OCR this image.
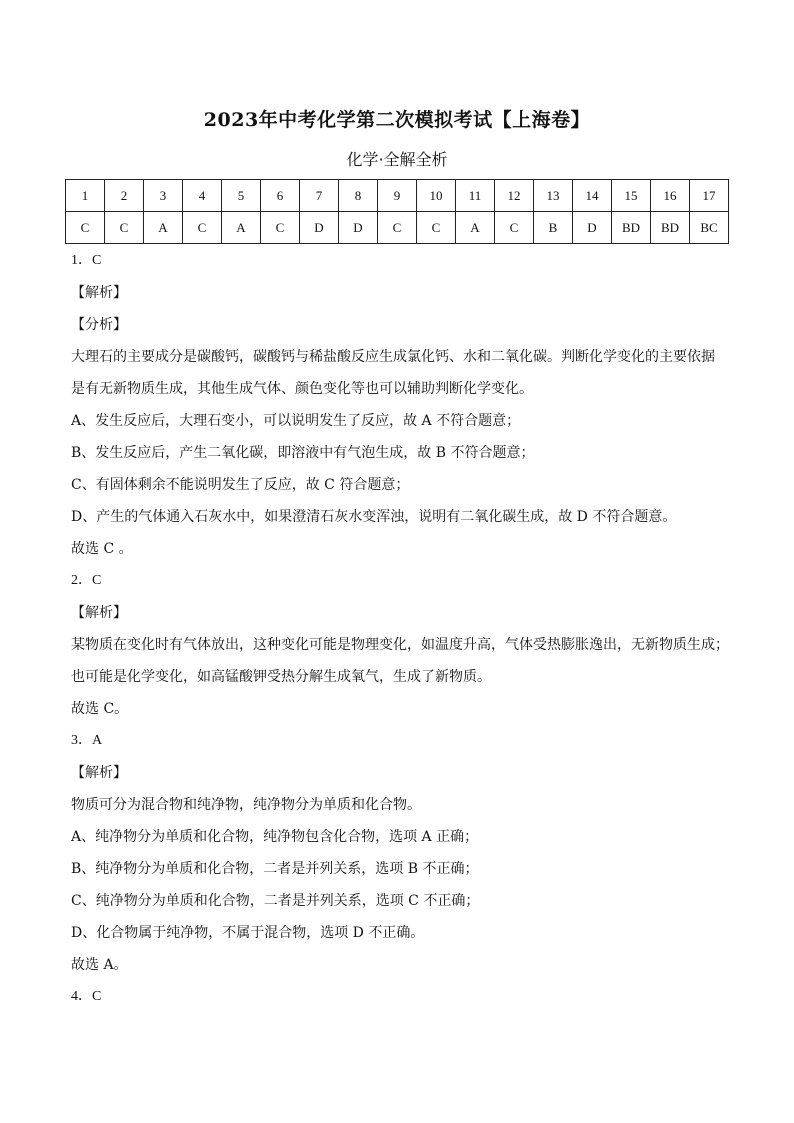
2023年中考化学第二次模拟考试【上海卷】
化学·全解全析
1	2	3	4	5	6	7	8	9	10	11	12	13	14	15	16	17
C	C	A	C	A	C	D	D	C	C	A	C	B	D	BD	BD	BC
1．C
【解析】
【分析】
大理石的主要成分是碳酸钙，碳酸钙与稀盐酸反应生成氯化钙、水和二氧化碳。判断化学变化的主要依据
是有无新物质生成，其他生成气体、颜色变化等也可以辅助判断化学变化。
A、发生反应后，大理石变小，可以说明发生了反应，故 A 不符合题意；
B、发生反应后，产生二氧化碳，即溶液中有气泡生成，故 B 不符合题意；
C、有固体剩余不能说明发生了反应，故 C 符合题意；
D、产生的气体通入石灰水中，如果澄清石灰水变浑浊，说明有二氧化碳生成，故 D 不符合题意。
故选 C 。
2．C
【解析】
某物质在变化时有气体放出，这种变化可能是物理变化，如温度升高，气体受热膨胀逸出，无新物质生成；
也可能是化学变化，如高锰酸钾受热分解生成氧气，生成了新物质。
故选 C。
3．A
【解析】
物质可分为混合物和纯净物，纯净物分为单质和化合物。
A、纯净物分为单质和化合物，纯净物包含化合物，选项 A 正确；
B、纯净物分为单质和化合物，二者是并列关系，选项 B 不正确；
C、纯净物分为单质和化合物，二者是并列关系，选项 C 不正确；
D、化合物属于纯净物，不属于混合物，选项 D 不正确。
故选 A。
4．C
